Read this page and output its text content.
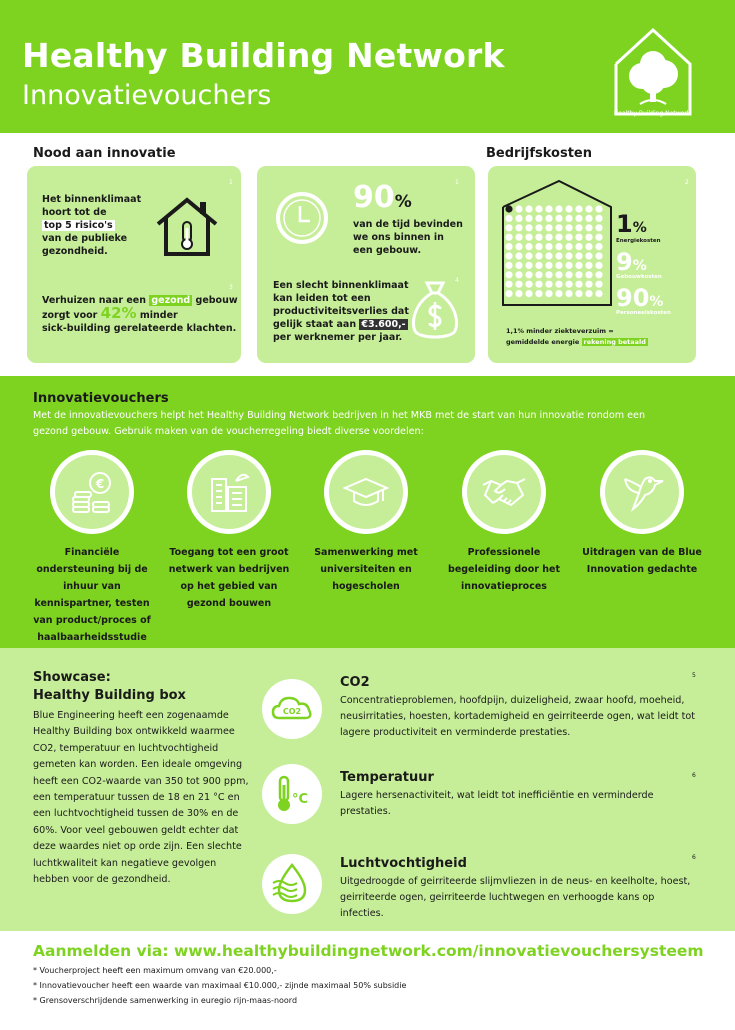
Healthy Building Network
Innovatievouchers
Healthy Building Network
Nood aan innovatie	Bedrijfskosten
1
Het binnenklimaat
hoort tot de
top 5 risico's
van de publieke
gezondheid.
3
Verhuizen naar een gezond gebouw
zorgt voor 42% minder
sick-building gerelateerde klachten.
1
90%
van de tijd bevinden
we ons binnen in
een gebouw.
4
Een slecht binnenklimaat
kan leiden tot een
productiviteitsverlies dat
gelijk staat aan €3.600,-
per werknemer per jaar.
2
1%
Energiekosten
9%
Gebouwkosten
90%
Personeelskosten
1,1% minder ziekteverzuim =
gemiddelde energie rekening betaald
Innovatievouchers
Met de innovatievouchers helpt het Healthy Building Network bedrijven in het MKB met de start van hun innovatie rondom een gezond gebouw. Gebruik maken van de voucherregeling biedt diverse voordelen:
€
Financiële ondersteuning bij de inhuur van kennispartner, testen van product/proces of haalbaarheidsstudie
Toegang tot een groot netwerk van bedrijven op het gebied van gezond bouwen
Samenwerking met universiteiten en hogescholen
Professionele begeleiding door het innovatieproces
Uitdragen van de Blue Innovation gedachte
Showcase:
Healthy Building box
Blue Engineering heeft een zogenaamde Healthy Building box ontwikkeld waarmee CO2, temperatuur en luchtvochtigheid gemeten kan worden. Een ideale omgeving heeft een CO2-waarde van 350 tot 900 ppm, een temperatuur tussen de 18 en 21 °C en een luchtvochtigheid tussen de 30% en de 60%. Voor veel gebouwen geldt echter dat deze waardes niet op orde zijn. Een slechte luchtkwaliteit kan negatieve gevolgen hebben voor de gezondheid.
CO2
CO2	5
Concentratieproblemen, hoofdpijn, duizeligheid, zwaar hoofd, moeheid, neusirritaties, hoesten, kortademigheid en geirriteerde ogen, wat leidt tot lagere productiviteit en verminderde prestaties.
°C
Temperatuur	6
Lagere hersenactiviteit, wat leidt tot inefficiëntie en verminderde prestaties.
Luchtvochtigheid	6
Uitgedroogde of geirriteerde slijmvliezen in de neus- en keelholte, hoest, geirriteerde ogen, geirriteerde luchtwegen en verhoogde kans op infecties.
Aanmelden via: www.healthybuildingnetwork.com/innovatievouchersysteem
* Voucherproject heeft een maximum omvang van €20.000,-
* Innovatievoucher heeft een waarde van maximaal €10.000,- zijnde maximaal 50% subsidie
* Grensoverschrijdende samenwerking in euregio rijn-maas-noord
